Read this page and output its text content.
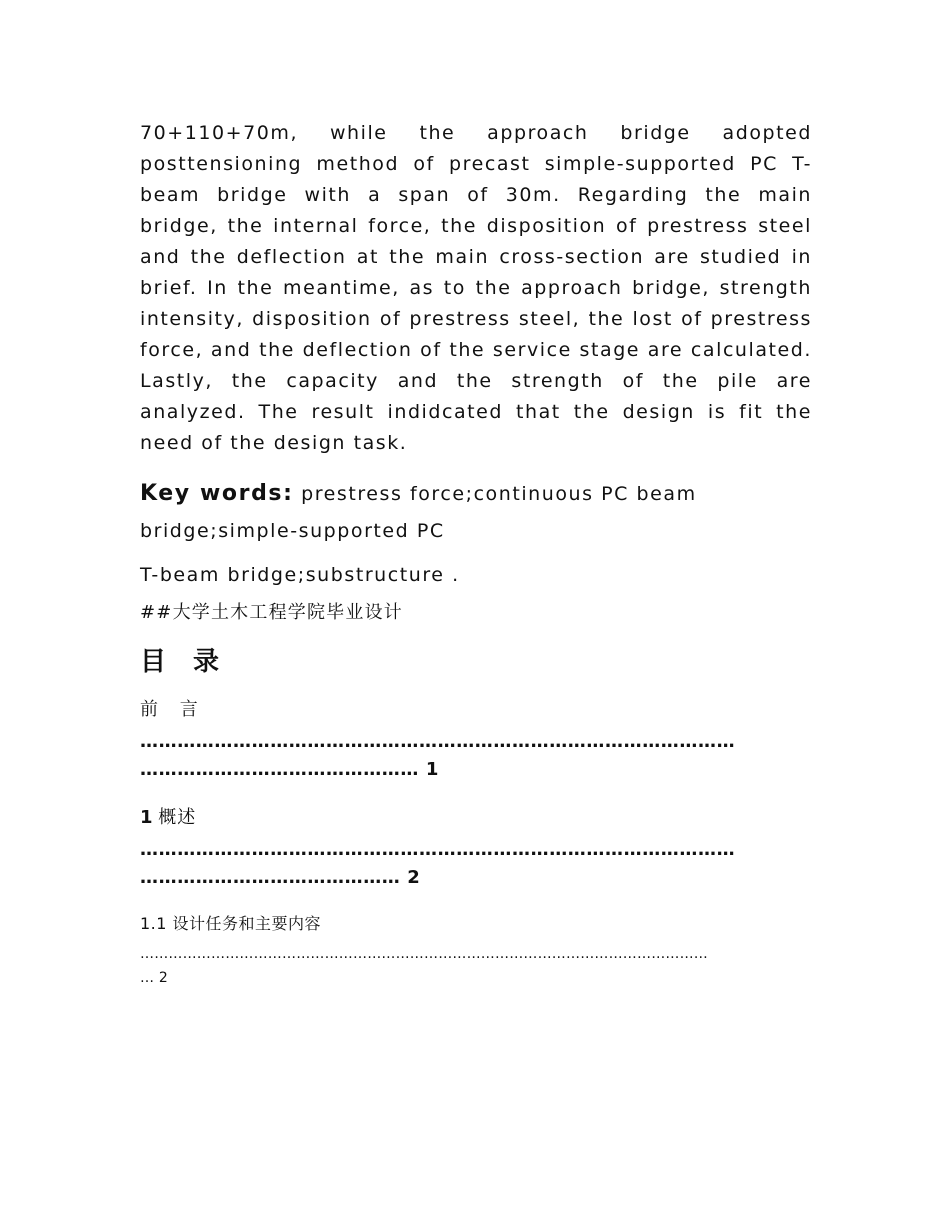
70+110+70m, while the approach bridge adopted posttensioning method of precast simple-supported PC T-beam bridge with a span of 30m. Regarding the main bridge, the internal force, the disposition of prestress steel and the deflection at the main cross-section are studied in brief. In the meantime, as to the approach bridge, strength intensity, disposition of prestress steel, the lost of prestress force, and the deflection of the service stage are calculated. Lastly, the capacity and the strength of the pile are analyzed. The result indidcated that the design is fit the need of the design task.

Key words: prestress force;continuous PC beam bridge;simple-supported PC

T-beam bridge;substructure .

##大学土木工程学院毕业设计

目 录

前 言

……………………………………………………………………………………

……………………………………… 1

1 概述

……………………………………………………………………………………

…………………………………… 2

1.1 设计任务和主要内容

…………………………………………………………………………………………………………

… 2
